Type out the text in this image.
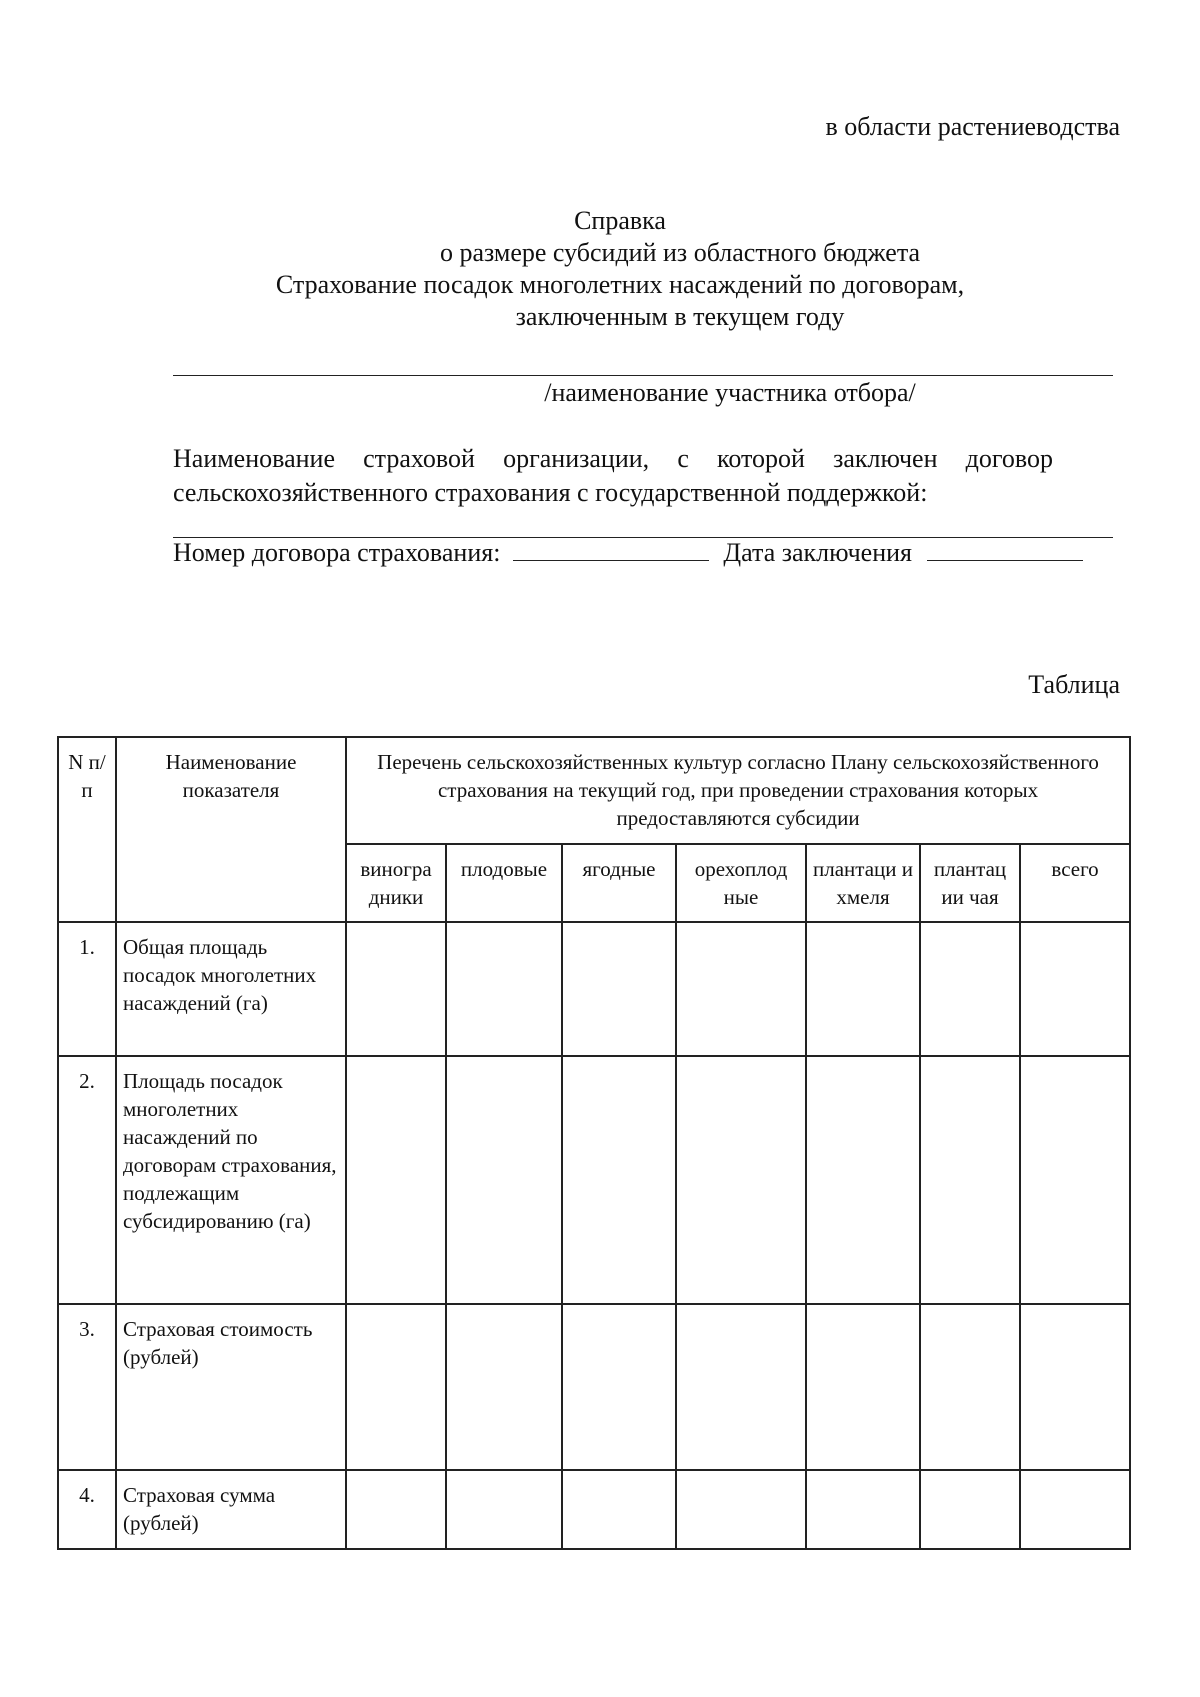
в области растениеводства
Справка
о размере субсидий из областного бюджета
Страхование посадок многолетних насаждений по договорам,
заключенным в текущем году
/наименование участника отбора/
Наименование страховой организации, с которой заключен договор
сельскохозяйственного страхования с государственной поддержкой:
Номер договора страхования:	Дата заключения
Таблица
N п/п	Наименование показателя	Перечень сельскохозяйственных культур согласно Плану сельскохозяйственного страхования на текущий год, при проведении страхования которых предоставляются субсидии						
		виногра дники	плодовые	ягодные	орехоплод ные	плантаци и хмеля	плантац ии чая	всего
1.	Общая площадь посадок многолетних насаждений (га)							
2.	Площадь посадок многолетних насаждений по договорам страхования, подлежащим субсидированию (га)							
3.	Страховая стоимость (рублей)							
4.	Страховая сумма (рублей)							
